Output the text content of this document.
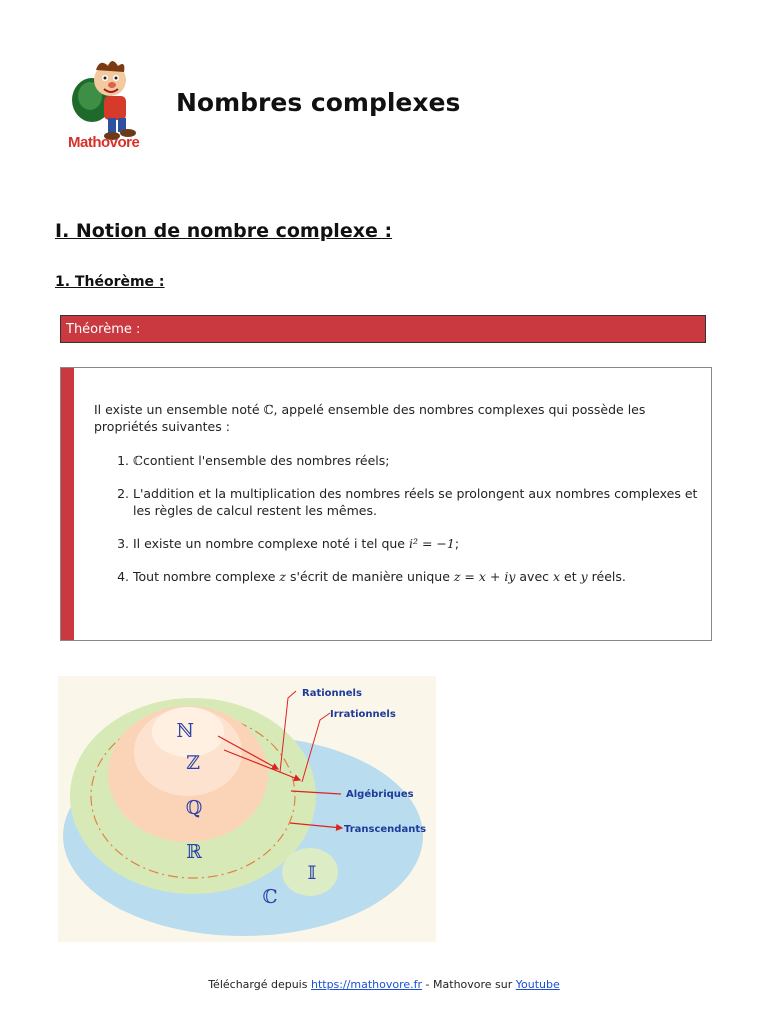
Mathovore
Nombres complexes
I. Notion de nombre complexe :
1. Théorème :
Théorème :

Il existe un ensemble noté ℂ, appelé ensemble des nombres complexes qui possède les propriétés suivantes :

1. ℂcontient l'ensemble des nombres réels;
2. L'addition et la multiplication des nombres réels se prolongent aux nombres complexes et les règles de calcul restent les mêmes.
3. Il existe un nombre complexe noté i tel que i² = −1;
4. Tout nombre complexe z s'écrit de manière unique z = x + iy avec x et y réels.
ℕ
ℤ
ℚ
ℝ
𝕀
ℂ
Rationnels
Irrationnels
Algébriques
Transcendants
Téléchargé depuis https://mathovore.fr - Mathovore sur Youtube
